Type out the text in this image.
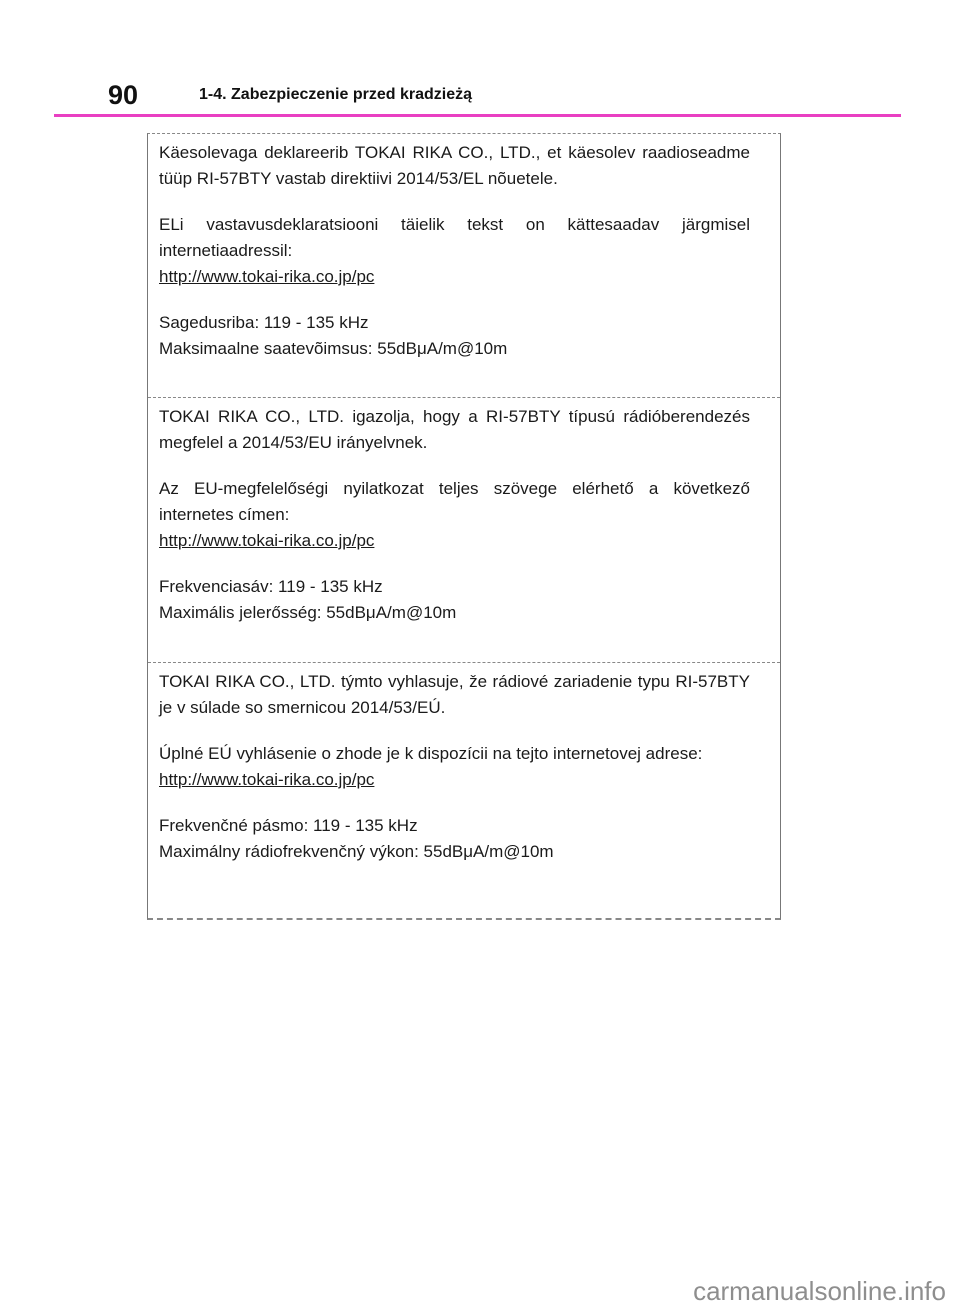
90	1-4. Zabezpieczenie przed kradzieżą

Käesolevaga deklareerib TOKAI RIKA CO., LTD., et käesolev raadioseadme tüüp RI-57BTY vastab direktiivi 2014/53/EL nõuetele.

ELi vastavusdeklaratsiooni täielik tekst on kättesaadav järgmisel internetiaadressil:

http://www.tokai-rika.co.jp/pc

Sagedusriba: 119 - 135 kHz

Maksimaalne saatevõimsus: 55dBμA/m@10m

TOKAI RIKA CO., LTD. igazolja, hogy a RI-57BTY típusú rádióberendezés megfelel a 2014/53/EU irányelvnek.

Az EU-megfelelőségi nyilatkozat teljes szövege elérhető a következő internetes címen:

http://www.tokai-rika.co.jp/pc

Frekvenciasáv: 119 - 135 kHz

Maximális jelerősség: 55dBμA/m@10m

TOKAI RIKA CO., LTD. týmto vyhlasuje, že rádiové zariadenie typu RI-57BTY je v súlade so smernicou 2014/53/EÚ.

Úplné EÚ vyhlásenie o zhode je k dispozícii na tejto internetovej adrese:

http://www.tokai-rika.co.jp/pc

Frekvenčné pásmo: 119 - 135 kHz

Maximálny rádiofrekvenčný výkon: 55dBμA/m@10m

carmanualsonline.info
